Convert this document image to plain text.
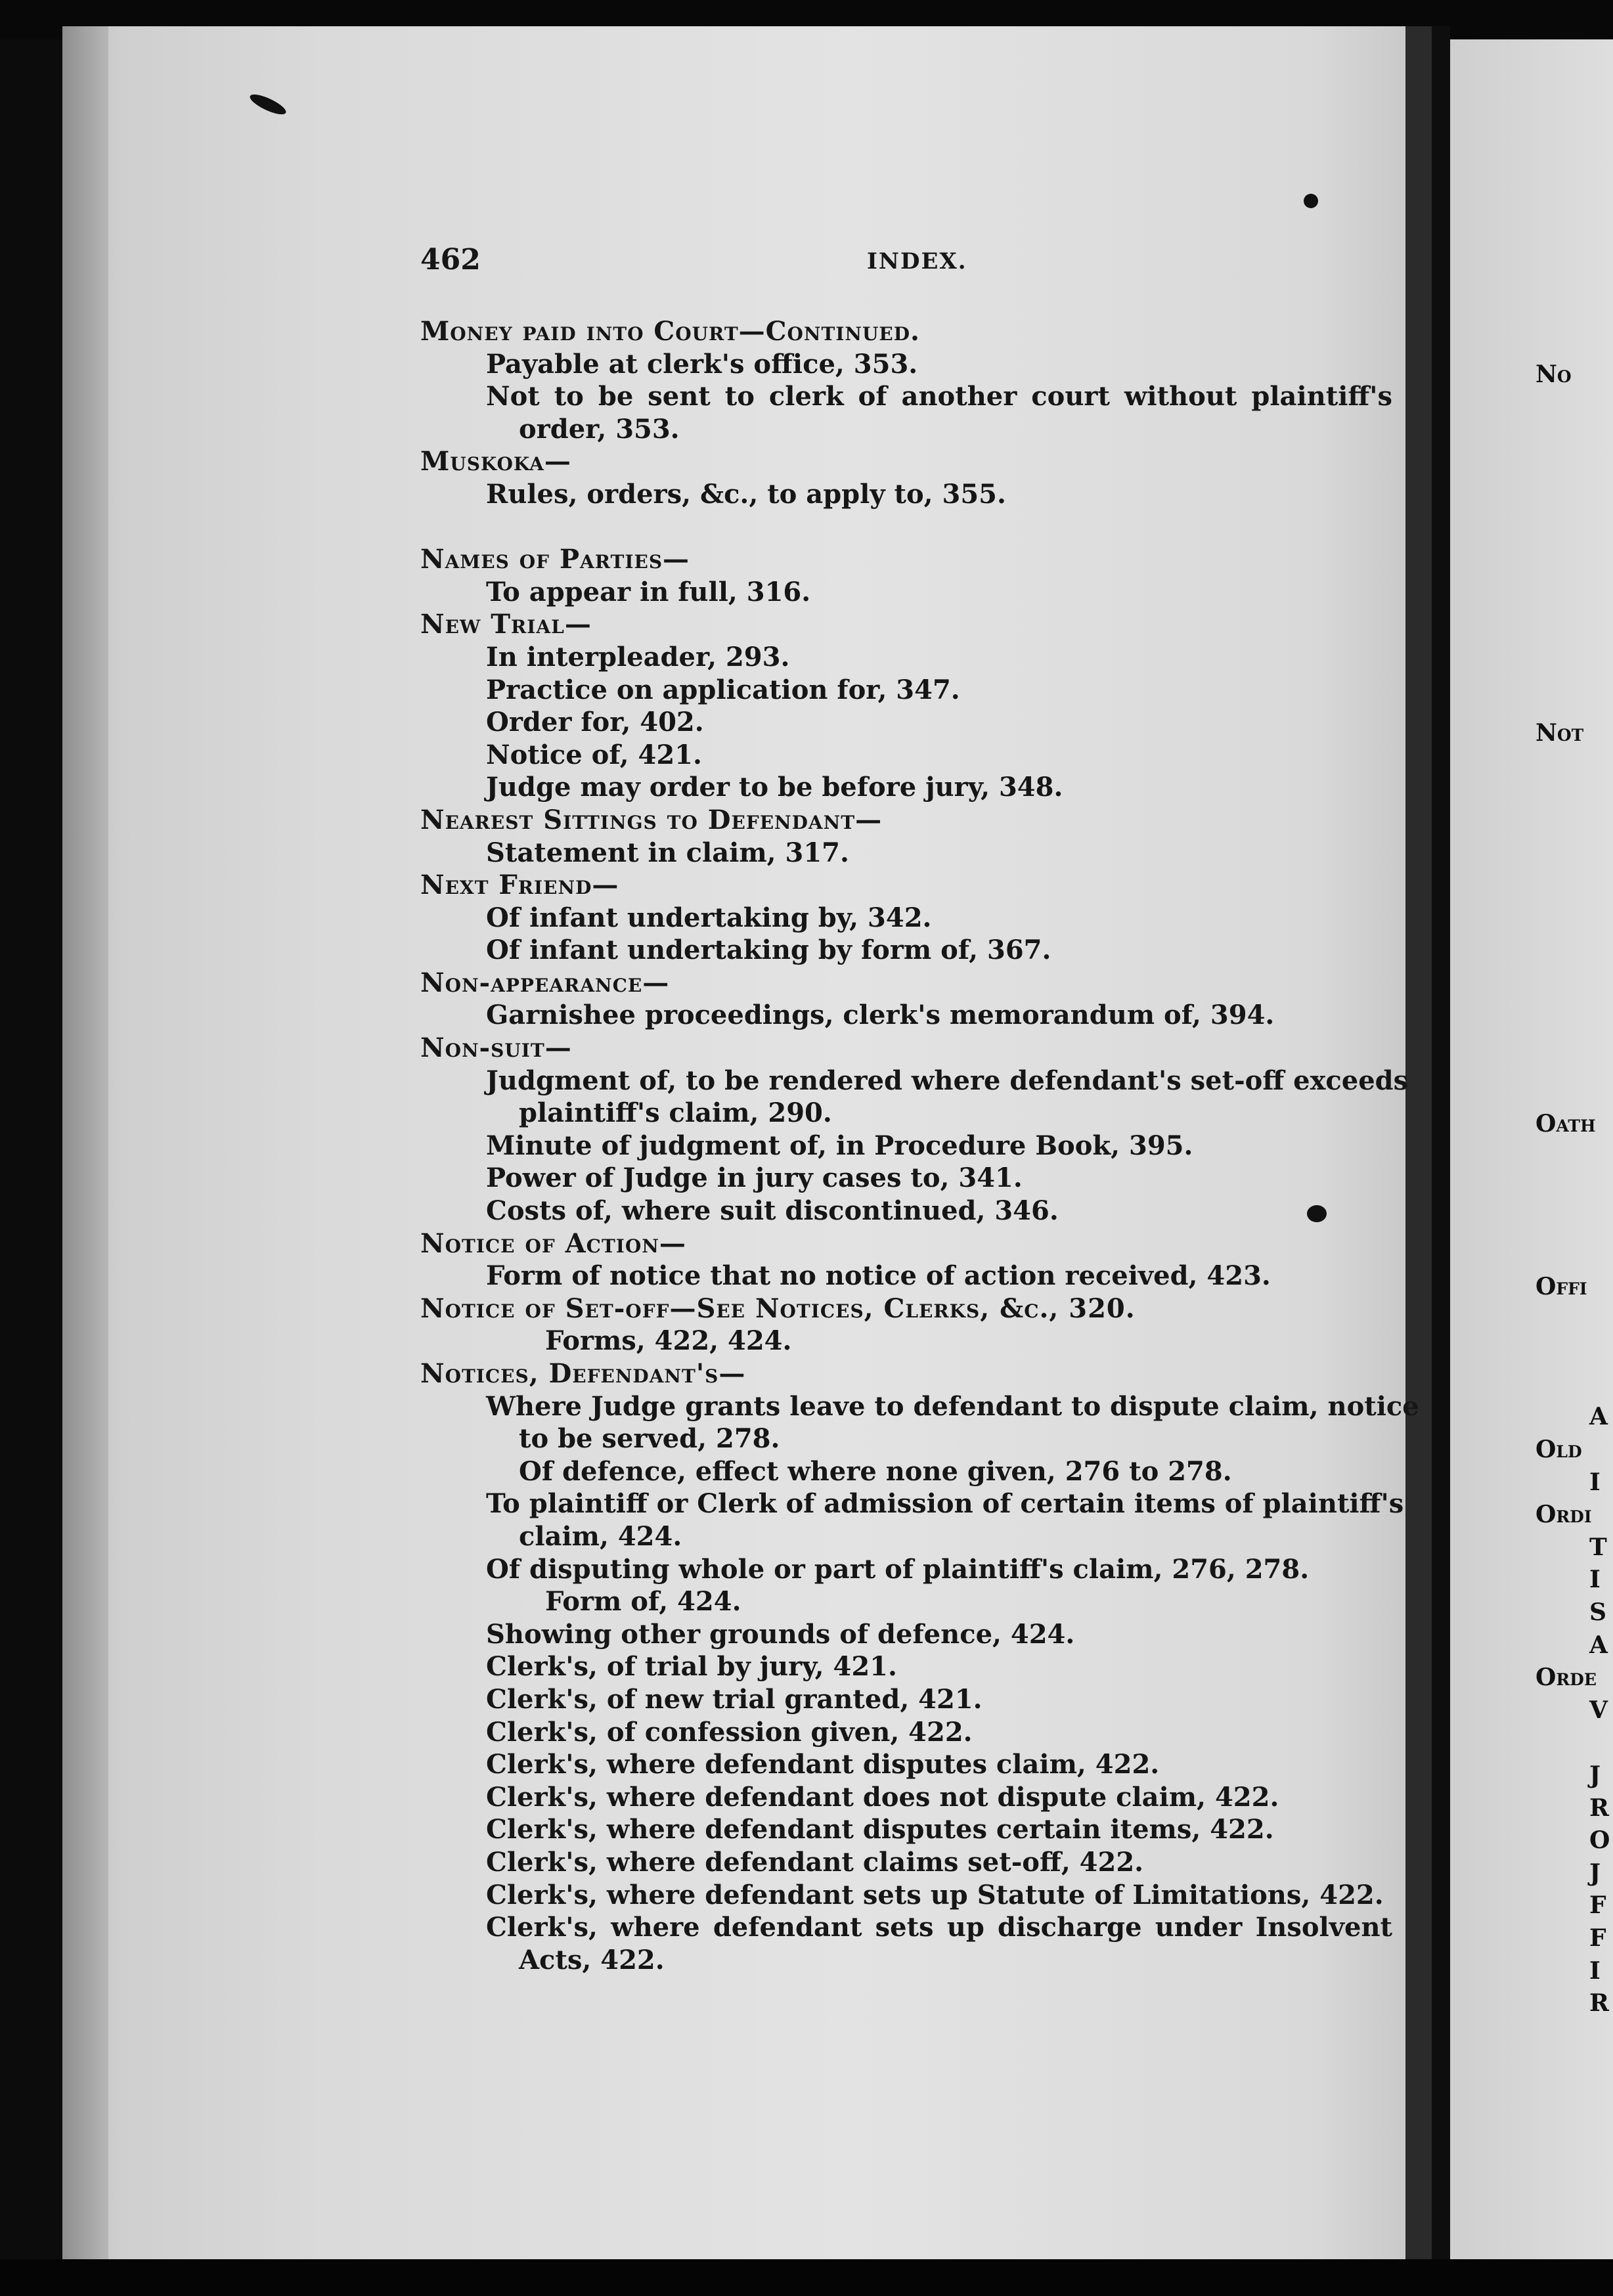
462	INDEX.
Money paid into Court—Continued.
Payable at clerk's office, 353.
Not to be sent to clerk of another court without plaintiff's
order, 353.
Muskoka—
Rules, orders, &c., to apply to, 355.

Names of Parties—
To appear in full, 316.
New Trial—
In interpleader, 293.
Practice on application for, 347.
Order for, 402.
Notice of, 421.
Judge may order to be before jury, 348.
Nearest Sittings to Defendant—
Statement in claim, 317.
Next Friend—
Of infant undertaking by, 342.
Of infant undertaking by form of, 367.
Non-appearance—
Garnishee proceedings, clerk's memorandum of, 394.
Non-suit—
Judgment of, to be rendered where defendant's set-off exceeds
plaintiff's claim, 290.
Minute of judgment of, in Procedure Book, 395.
Power of Judge in jury cases to, 341.
Costs of, where suit discontinued, 346.
Notice of Action—
Form of notice that no notice of action received, 423.
Notice of Set-off—See Notices, Clerks, &c., 320.
Forms, 422, 424.
Notices, Defendant's—
Where Judge grants leave to defendant to dispute claim, notice
to be served, 278.
Of defence, effect where none given, 276 to 278.
To plaintiff or Clerk of admission of certain items of plaintiff's
claim, 424.
Of disputing whole or part of plaintiff's claim, 276, 278.
Form of, 424.
Showing other grounds of defence, 424.
Clerk's, of trial by jury, 421.
Clerk's, of new trial granted, 421.
Clerk's, of confession given, 422.
Clerk's, where defendant disputes claim, 422.
Clerk's, where defendant does not dispute claim, 422.
Clerk's, where defendant disputes certain items, 422.
Clerk's, where defendant claims set-off, 422.
Clerk's, where defendant sets up Statute of Limitations, 422.
Clerk's, where defendant sets up discharge under Insolvent
Acts, 422.
No
Not
Oath
Offi
A
Old
I
Ordi
T
I
S
A
Orde
V
J
R
O
J
F
F
I
R
